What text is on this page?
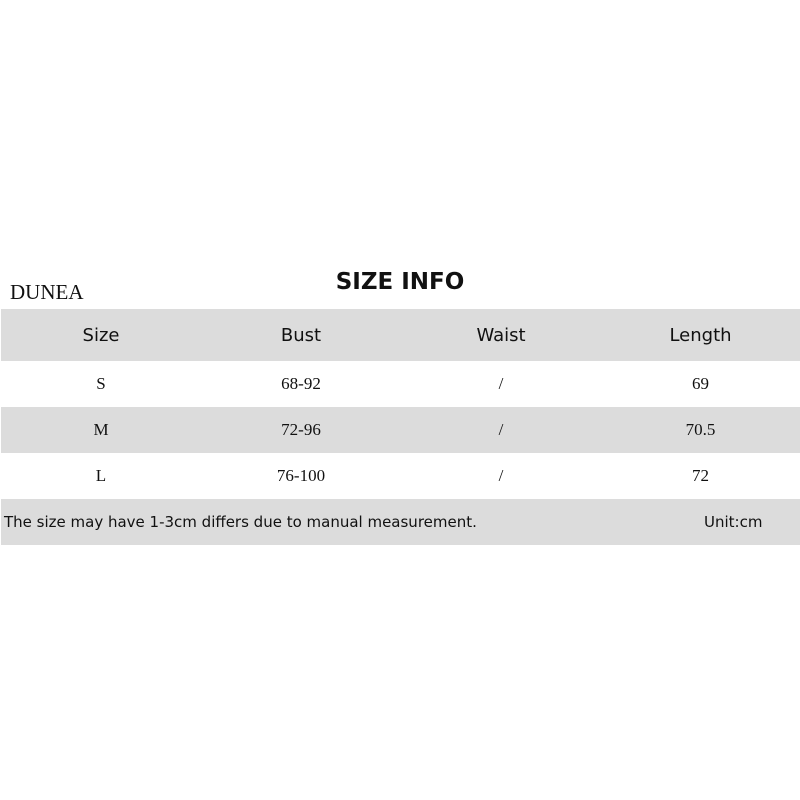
DUNEA	SIZE INFO
Size	Bust	Waist	Length
S	68-92	/	69
M	72-96	/	70.5
L	76-100	/	72
The size may have 1-3cm differs due to manual measurement.	Unit:cm
